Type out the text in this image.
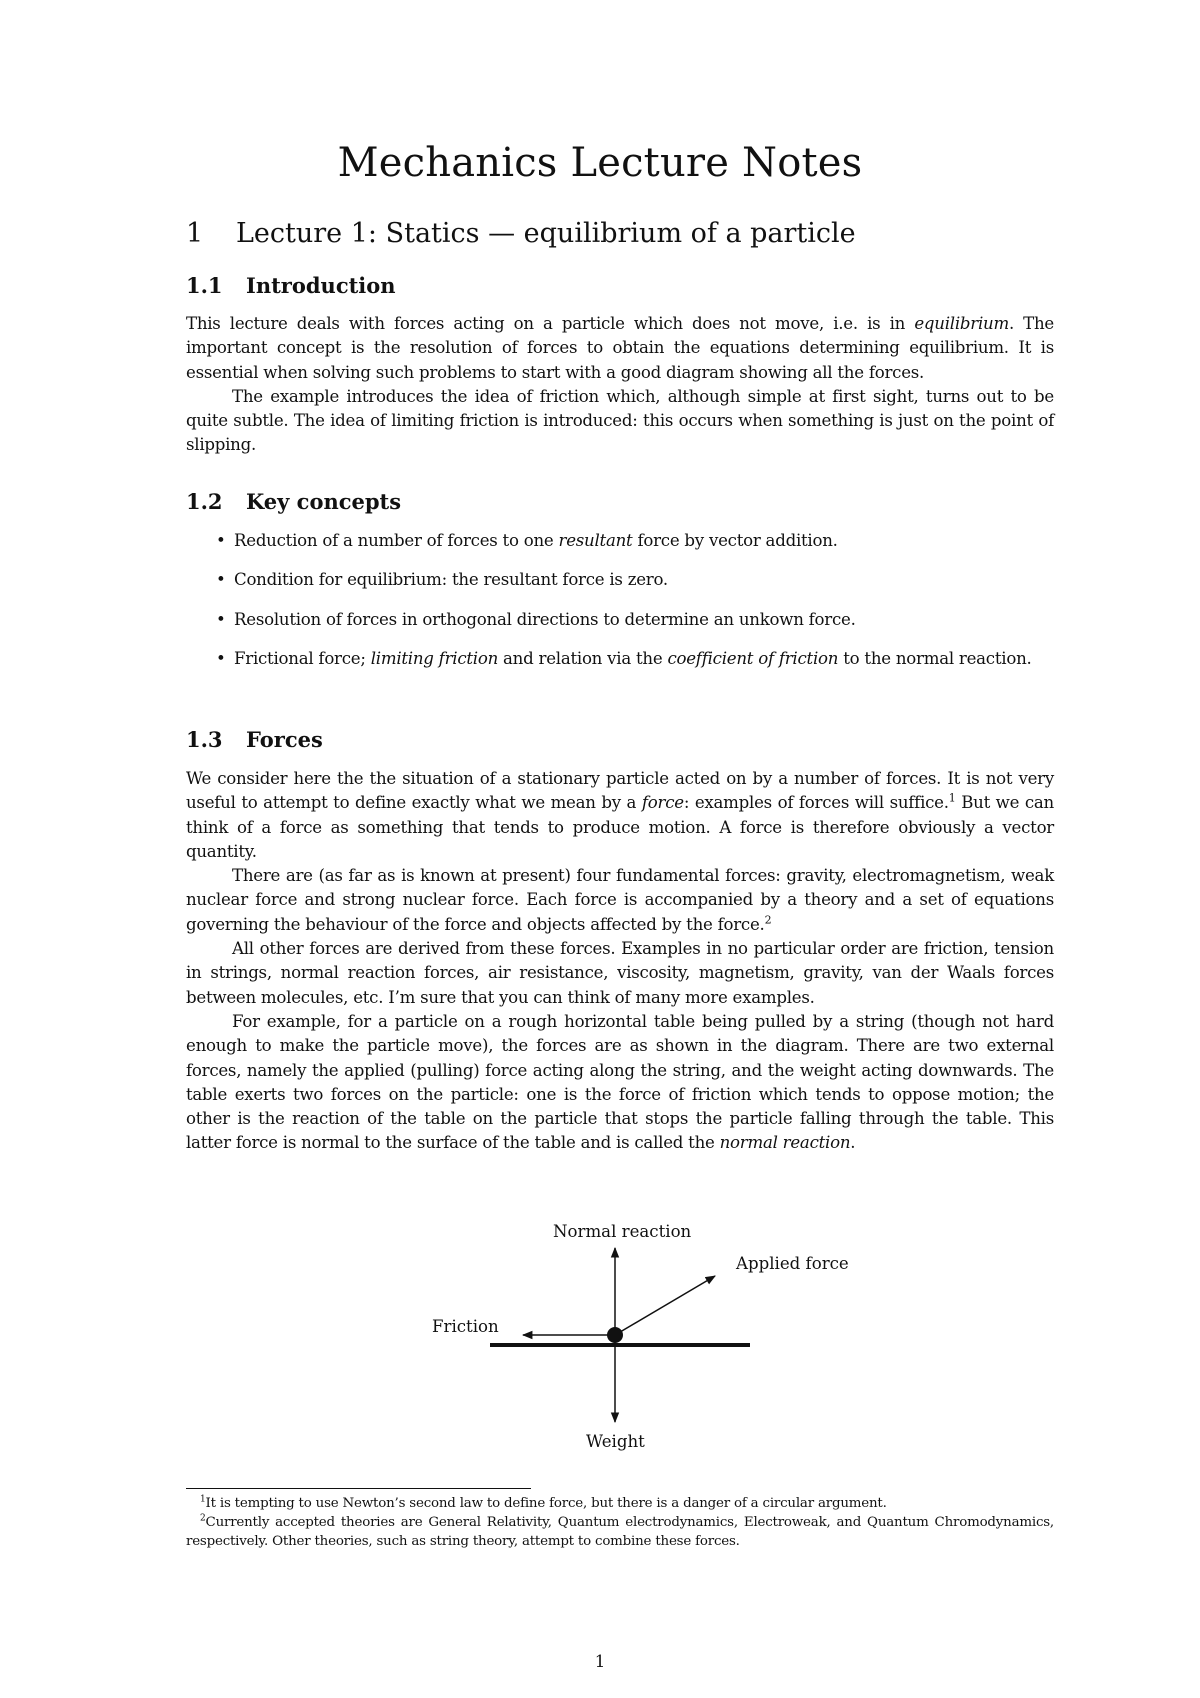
Mechanics Lecture Notes
1 Lecture 1: Statics — equilibrium of a particle
1.1 Introduction

This lecture deals with forces acting on a particle which does not move, i.e. is in equilibrium. The important concept is the resolution of forces to obtain the equations determining equilibrium. It is essential when solving such problems to start with a good diagram showing all the forces.

The example introduces the idea of friction which, although simple at first sight, turns out to be quite subtle. The idea of limiting friction is introduced: this occurs when something is just on the point of slipping.

1.2 Key concepts
• Reduction of a number of forces to one resultant force by vector addition.
• Condition for equilibrium: the resultant force is zero.
• Resolution of forces in orthogonal directions to determine an unkown force.
• Frictional force; limiting friction and relation via the coefficient of friction to the normal reaction.
1.3 Forces

We consider here the the situation of a stationary particle acted on by a number of forces. It is not very useful to attempt to define exactly what we mean by a force: examples of forces will suffice.$^1$ But we can think of a force as something that tends to produce motion. A force is therefore obviously a vector quantity.

There are (as far as is known at present) four fundamental forces: gravity, electromagnetism, weak nuclear force and strong nuclear force. Each force is accompanied by a theory and a set of equations governing the behaviour of the force and objects affected by the force.$^2$

All other forces are derived from these forces. Examples in no particular order are friction, tension in strings, normal reaction forces, air resistance, viscosity, magnetism, gravity, van der Waals forces between molecules, etc. I’m sure that you can think of many more examples.

For example, for a particle on a rough horizontal table being pulled by a string (though not hard enough to make the particle move), the forces are as shown in the diagram. There are two external forces, namely the applied (pulling) force acting along the string, and the weight acting downwards. The table exerts two forces on the particle: one is the force of friction which tends to oppose motion; the other is the reaction of the table on the particle that stops the particle falling through the table. This latter force is normal to the surface of the table and is called the normal reaction.

Normal reaction
Applied force
Friction
Weight

$^1$It is tempting to use Newton’s second law to define force, but there is a danger of a circular argument.

$^2$Currently accepted theories are General Relativity, Quantum electrodynamics, Electroweak, and Quantum Chromodynamics, respectively. Other theories, such as string theory, attempt to combine these forces.

1
